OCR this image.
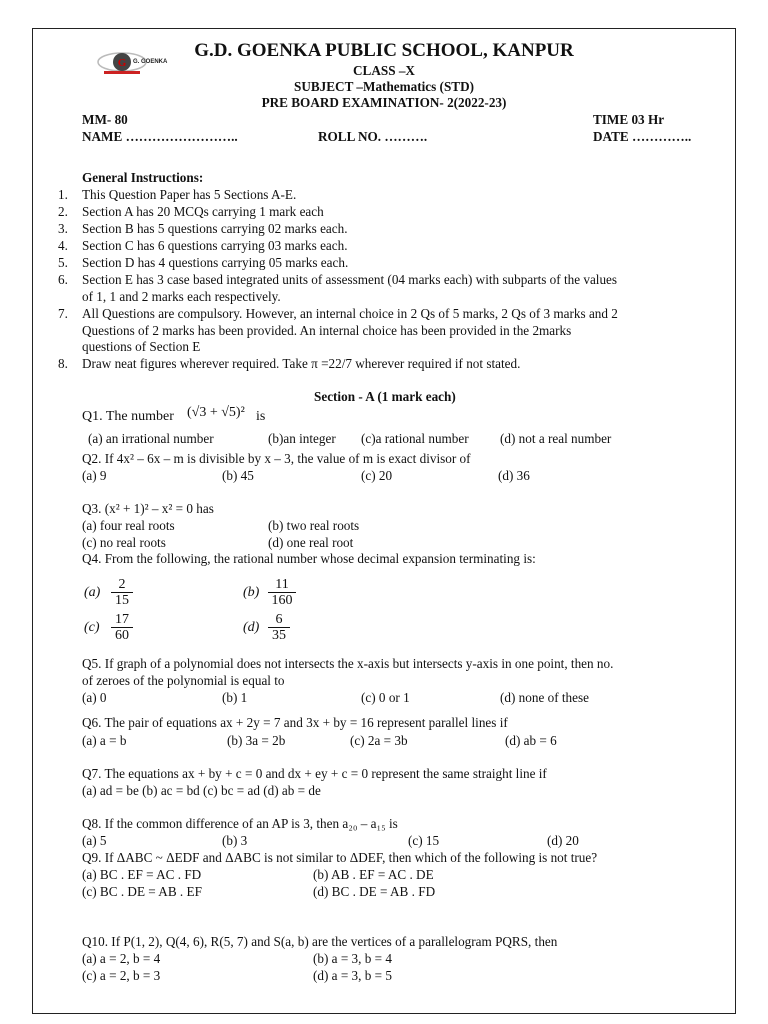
G G. GOENKA
G.D. GOENKA PUBLIC SCHOOL, KANPUR
CLASS –X
SUBJECT –Mathematics (STD)
PRE BOARD EXAMINATION- 2(2022-23)
MM- 80	TIME 03 Hr
NAME ……………………..	ROLL NO. ……….	DATE …………..
General Instructions:
1. This Question Paper has 5 Sections A-E.
2. Section A has 20 MCQs carrying 1 mark each
3. Section B has 5 questions carrying 02 marks each.
4. Section C has 6 questions carrying 03 marks each.
5. Section D has 4 questions carrying 05 marks each.
6. Section E has 3 case based integrated units of assessment (04 marks each) with subparts of the values
of 1, 1 and 2 marks each respectively.
7. All Questions are compulsory. However, an internal choice in 2 Qs of 5 marks, 2 Qs of 3 marks and 2
Questions of 2 marks has been provided. An internal choice has been provided in the 2marks
questions of Section E
8. Draw neat figures wherever required. Take π =22/7 wherever required if not stated.
Section - A (1 mark each)
Q1. The number (√3 + √5)² is
(a) an irrational number	(b)an integer (c)a rational number (d) not a real number
Q2. If 4x² – 6x – m is divisible by x – 3, the value of m is exact divisor of
(a) 9	(b) 45	(c) 20	(d) 36
Q3. (x² + 1)² – x² = 0 has
(a) four real roots	(b) two real roots
(c) no real roots	(d) one real root
Q4. From the following, the rational number whose decimal expansion terminating is:
$(a) \frac{2}{15}$	$(b) \frac{11}{160}$
$(c) \frac{17}{60}$	$(d) \frac{6}{35}$
Q5. If graph of a polynomial does not intersects the x-axis but intersects y-axis in one point, then no.
of zeroes of the polynomial is equal to
(a) 0	(b) 1	(c) 0 or 1	(d) none of these
Q6. The pair of equations ax + 2y = 7 and 3x + by = 16 represent parallel lines if
(a) a = b	(b) 3a = 2b	(c) 2a = 3b	(d) ab = 6
Q7. The equations ax + by + c = 0 and dx + ey + c = 0 represent the same straight line if
(a) ad = be (b) ac = bd (c) bc = ad (d) ab = de
Q8. If the common difference of an AP is 3, then a₂₀ – a₁₅ is
(a) 5	(b) 3	(c) 15	(d) 20
Q9. If ΔABC ~ ΔEDF and ΔABC is not similar to ΔDEF, then which of the following is not true?
(a) BC . EF = AC . FD	(b) AB . EF = AC . DE
(c) BC . DE = AB . EF	(d) BC . DE = AB . FD
Q10. If P(1, 2), Q(4, 6), R(5, 7) and S(a, b) are the vertices of a parallelogram PQRS, then
(a) a = 2, b = 4	(b) a = 3, b = 4
(c) a = 2, b = 3	(d) a = 3, b = 5
